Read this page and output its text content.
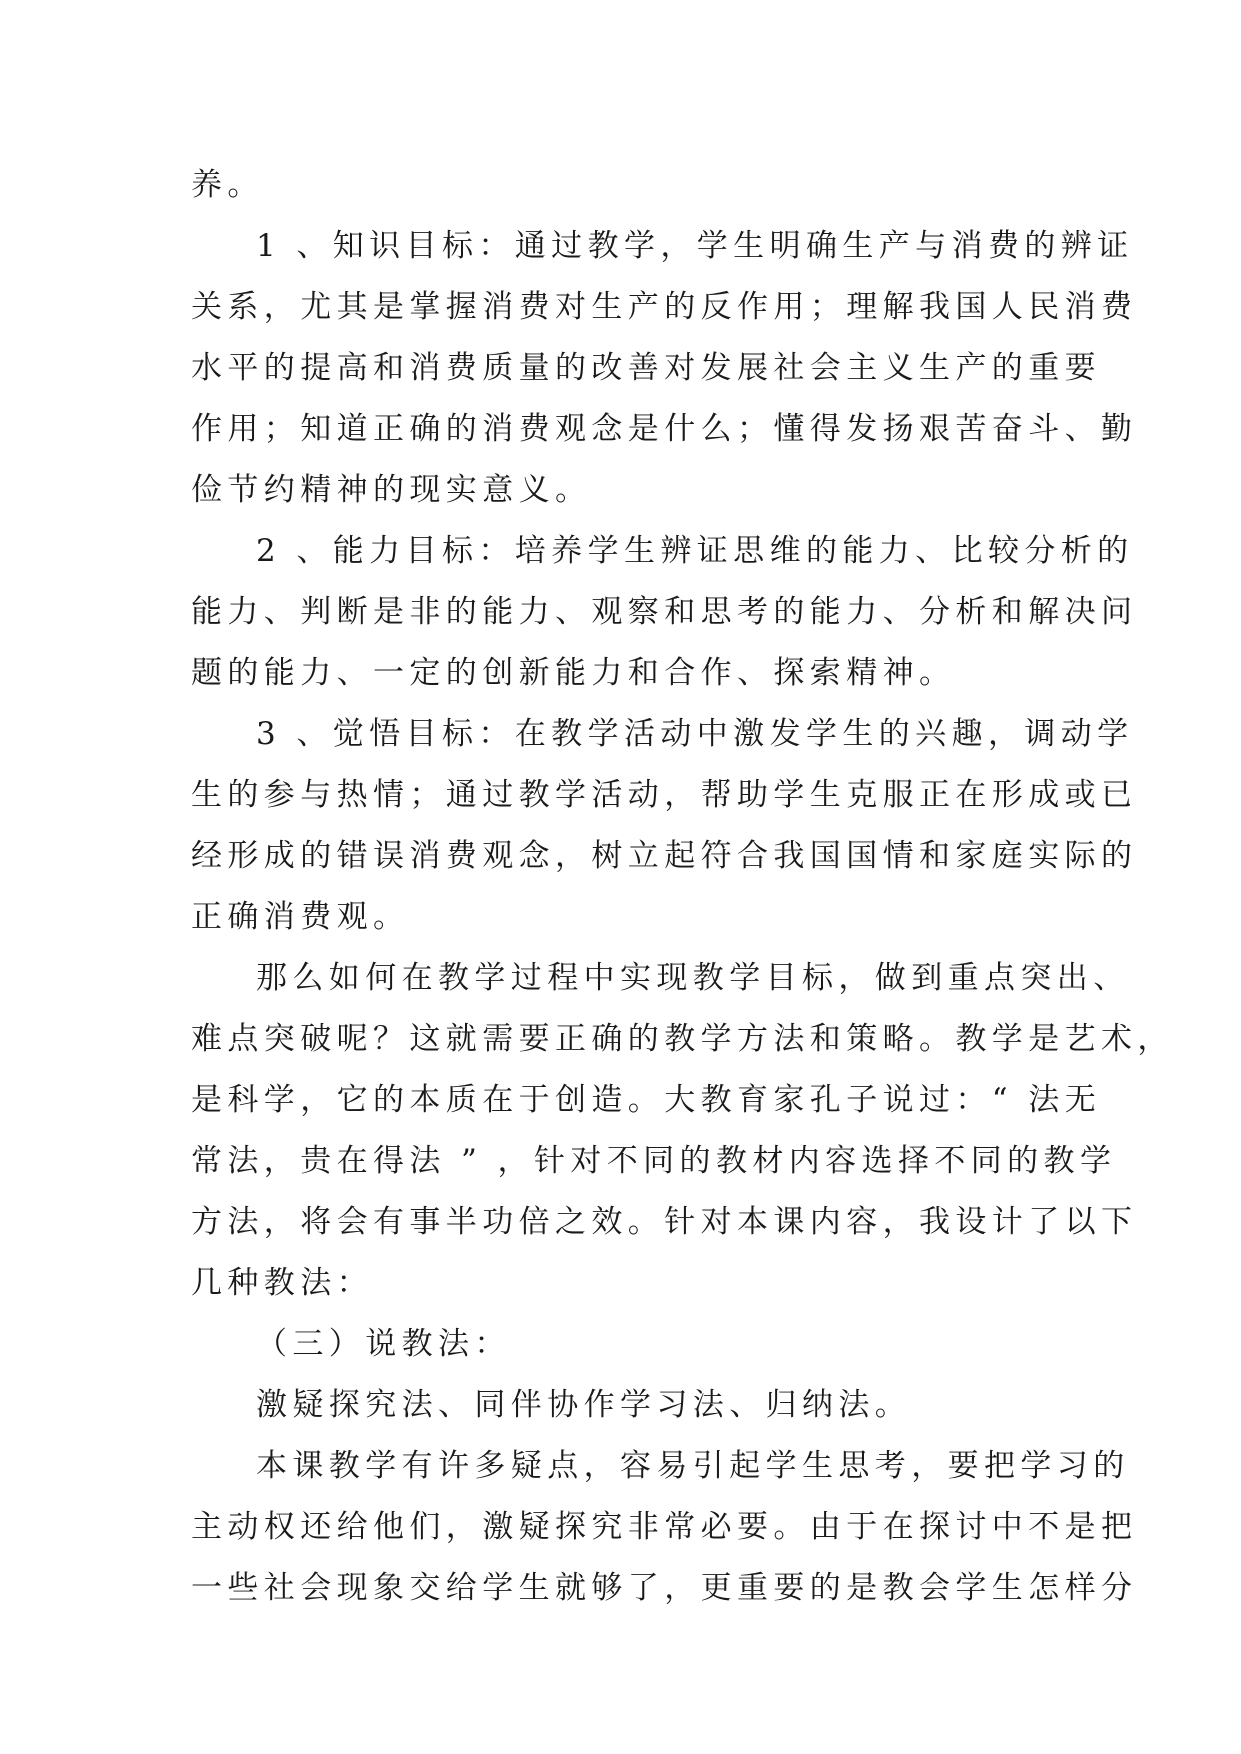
养。
1 、知识目标：通过教学，学生明确生产与消费的辨证
关系，尤其是掌握消费对生产的反作用；理解我国人民消费
水平的提高和消费质量的改善对发展社会主义生产的重要
作用；知道正确的消费观念是什么；懂得发扬艰苦奋斗、勤
俭节约精神的现实意义。
2 、能力目标：培养学生辨证思维的能力、比较分析的
能力、判断是非的能力、观察和思考的能力、分析和解决问
题的能力、一定的创新能力和合作、探索精神。
3 、觉悟目标：在教学活动中激发学生的兴趣，调动学
生的参与热情；通过教学活动，帮助学生克服正在形成或已
经形成的错误消费观念，树立起符合我国国情和家庭实际的
正确消费观。
那么如何在教学过程中实现教学目标，做到重点突出、
难点突破呢？这就需要正确的教学方法和策略。教学是艺术，
是科学，它的本质在于创造。大教育家孔子说过：“ 法无
常法，贵在得法 ” ，针对不同的教材内容选择不同的教学
方法，将会有事半功倍之效。针对本课内容，我设计了以下
几种教法：
（三）说教法：
激疑探究法、同伴协作学习法、归纳法。
本课教学有许多疑点，容易引起学生思考，要把学习的
主动权还给他们，激疑探究非常必要。由于在探讨中不是把
一些社会现象交给学生就够了，更重要的是教会学生怎样分
